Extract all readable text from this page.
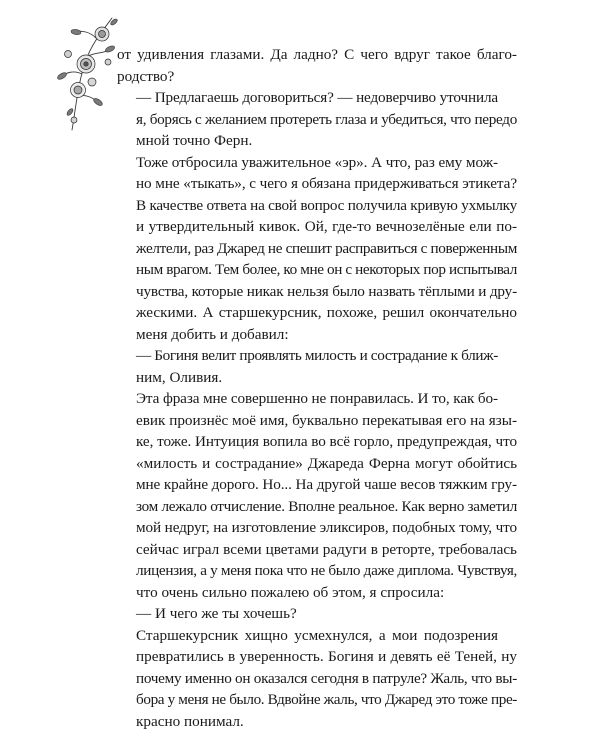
от удивления глазами. Да ладно? С чего вдруг такое благо-
родство?

— Предлагаешь договориться? — недоверчиво уточнила
я, борясь с желанием протереть глаза и убедиться, что передо
мной точно Ферн.

Тоже отбросила уважительное «эр». А что, раз ему мож-
но мне «тыкать», с чего я обязана придерживаться этикета?
В качестве ответа на свой вопрос получила кривую ухмылку
и утвердительный кивок. Ой, где-то вечнозелёные ели по-
желтели, раз Джаред не спешит расправиться с поверженным
ным врагом. Тем более, ко мне он с некоторых пор испытывал
чувства, которые никак нельзя было назвать тёплыми и дру-
жескими. А старшекурсник, похоже, решил окончательно
меня добить и добавил:

— Богиня велит проявлять милость и сострадание к ближ-
ним, Оливия.

Эта фраза мне совершенно не понравилась. И то, как бо-
евик произнёс моё имя, буквально перекатывая его на язы-
ке, тоже. Интуиция вопила во всё горло, предупреждая, что
«милость и сострадание» Джареда Ферна могут обойтись
мне крайне дорого. Но... На другой чаше весов тяжким гру-
зом лежало отчисление. Вполне реальное. Как верно заметил
мой недруг, на изготовление эликсиров, подобных тому, что
сейчас играл всеми цветами радуги в реторте, требовалась
лицензия, а у меня пока что не было даже диплома. Чувствуя,
что очень сильно пожалею об этом, я спросила:

— И чего же ты хочешь?

Старшекурсник хищно усмехнулся, а мои подозрения
превратились в уверенность. Богиня и девять её Теней, ну
почему именно он оказался сегодня в патруле? Жаль, что вы-
бора у меня не было. Вдвойне жаль, что Джаред это тоже пре-
красно понимал.
